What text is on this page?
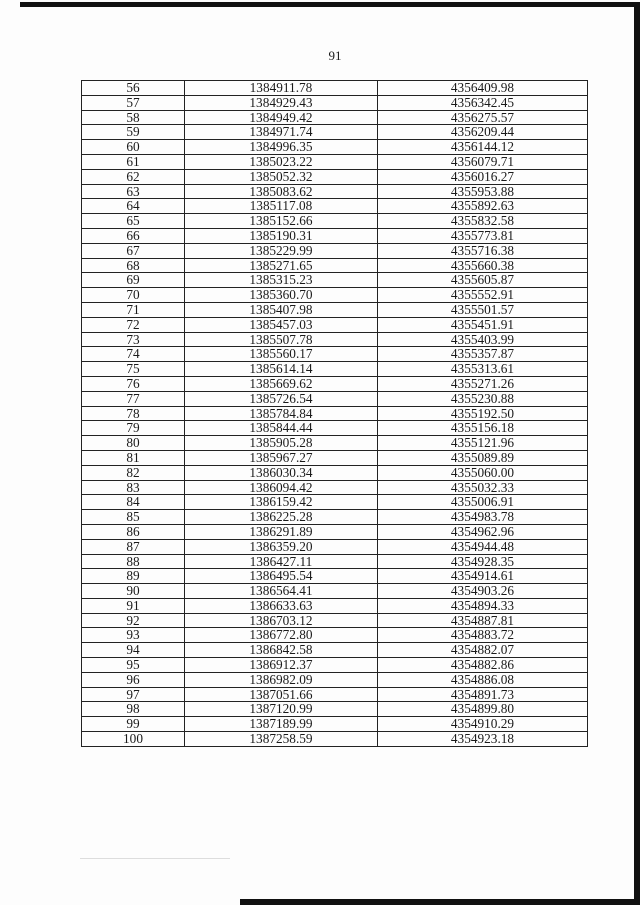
91
56	1384911.78	4356409.98
57	1384929.43	4356342.45
58	1384949.42	4356275.57
59	1384971.74	4356209.44
60	1384996.35	4356144.12
61	1385023.22	4356079.71
62	1385052.32	4356016.27
63	1385083.62	4355953.88
64	1385117.08	4355892.63
65	1385152.66	4355832.58
66	1385190.31	4355773.81
67	1385229.99	4355716.38
68	1385271.65	4355660.38
69	1385315.23	4355605.87
70	1385360.70	4355552.91
71	1385407.98	4355501.57
72	1385457.03	4355451.91
73	1385507.78	4355403.99
74	1385560.17	4355357.87
75	1385614.14	4355313.61
76	1385669.62	4355271.26
77	1385726.54	4355230.88
78	1385784.84	4355192.50
79	1385844.44	4355156.18
80	1385905.28	4355121.96
81	1385967.27	4355089.89
82	1386030.34	4355060.00
83	1386094.42	4355032.33
84	1386159.42	4355006.91
85	1386225.28	4354983.78
86	1386291.89	4354962.96
87	1386359.20	4354944.48
88	1386427.11	4354928.35
89	1386495.54	4354914.61
90	1386564.41	4354903.26
91	1386633.63	4354894.33
92	1386703.12	4354887.81
93	1386772.80	4354883.72
94	1386842.58	4354882.07
95	1386912.37	4354882.86
96	1386982.09	4354886.08
97	1387051.66	4354891.73
98	1387120.99	4354899.80
99	1387189.99	4354910.29
100	1387258.59	4354923.18
